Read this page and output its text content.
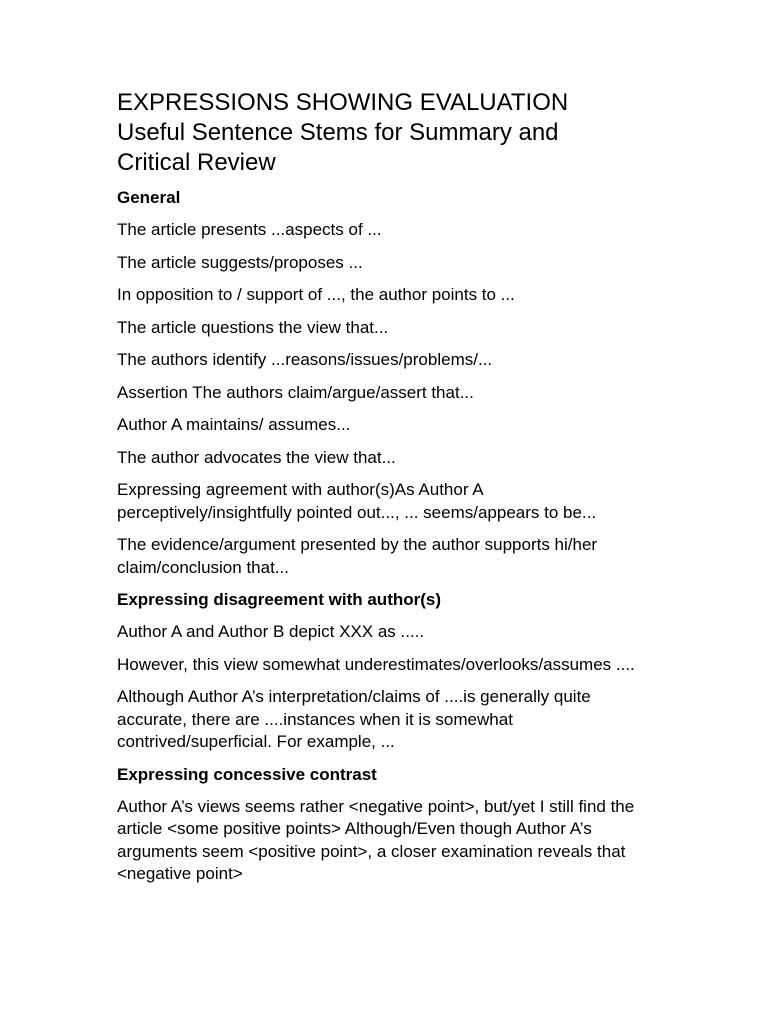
EXPRESSIONS SHOWING EVALUATION
Useful Sentence Stems for Summary and
Critical Review
General

The article presents ...aspects of ...

The article suggests/proposes ...

In opposition to / support of ..., the author points to ...

The article questions the view that...

The authors identify ...reasons/issues/problems/...

Assertion The authors claim/argue/assert that...

Author A maintains/ assumes...

The author advocates the view that...

Expressing agreement with author(s)As Author A perceptively/insightfully pointed out..., ... seems/appears to be...

The evidence/argument presented by the author supports hi/her claim/conclusion that...

Expressing disagreement with author(s)

Author A and Author B depict XXX as .....

However, this view somewhat underestimates/overlooks/assumes ....

Although Author A’s interpretation/claims of ....is generally quite accurate, there are ....instances when it is somewhat contrived/superficial. For example, ...

Expressing concessive contrast

Author A’s views seems rather <negative point>, but/yet I still find the article <some positive points> Although/Even though Author A’s arguments seem <positive point>, a closer examination reveals that <negative point>
